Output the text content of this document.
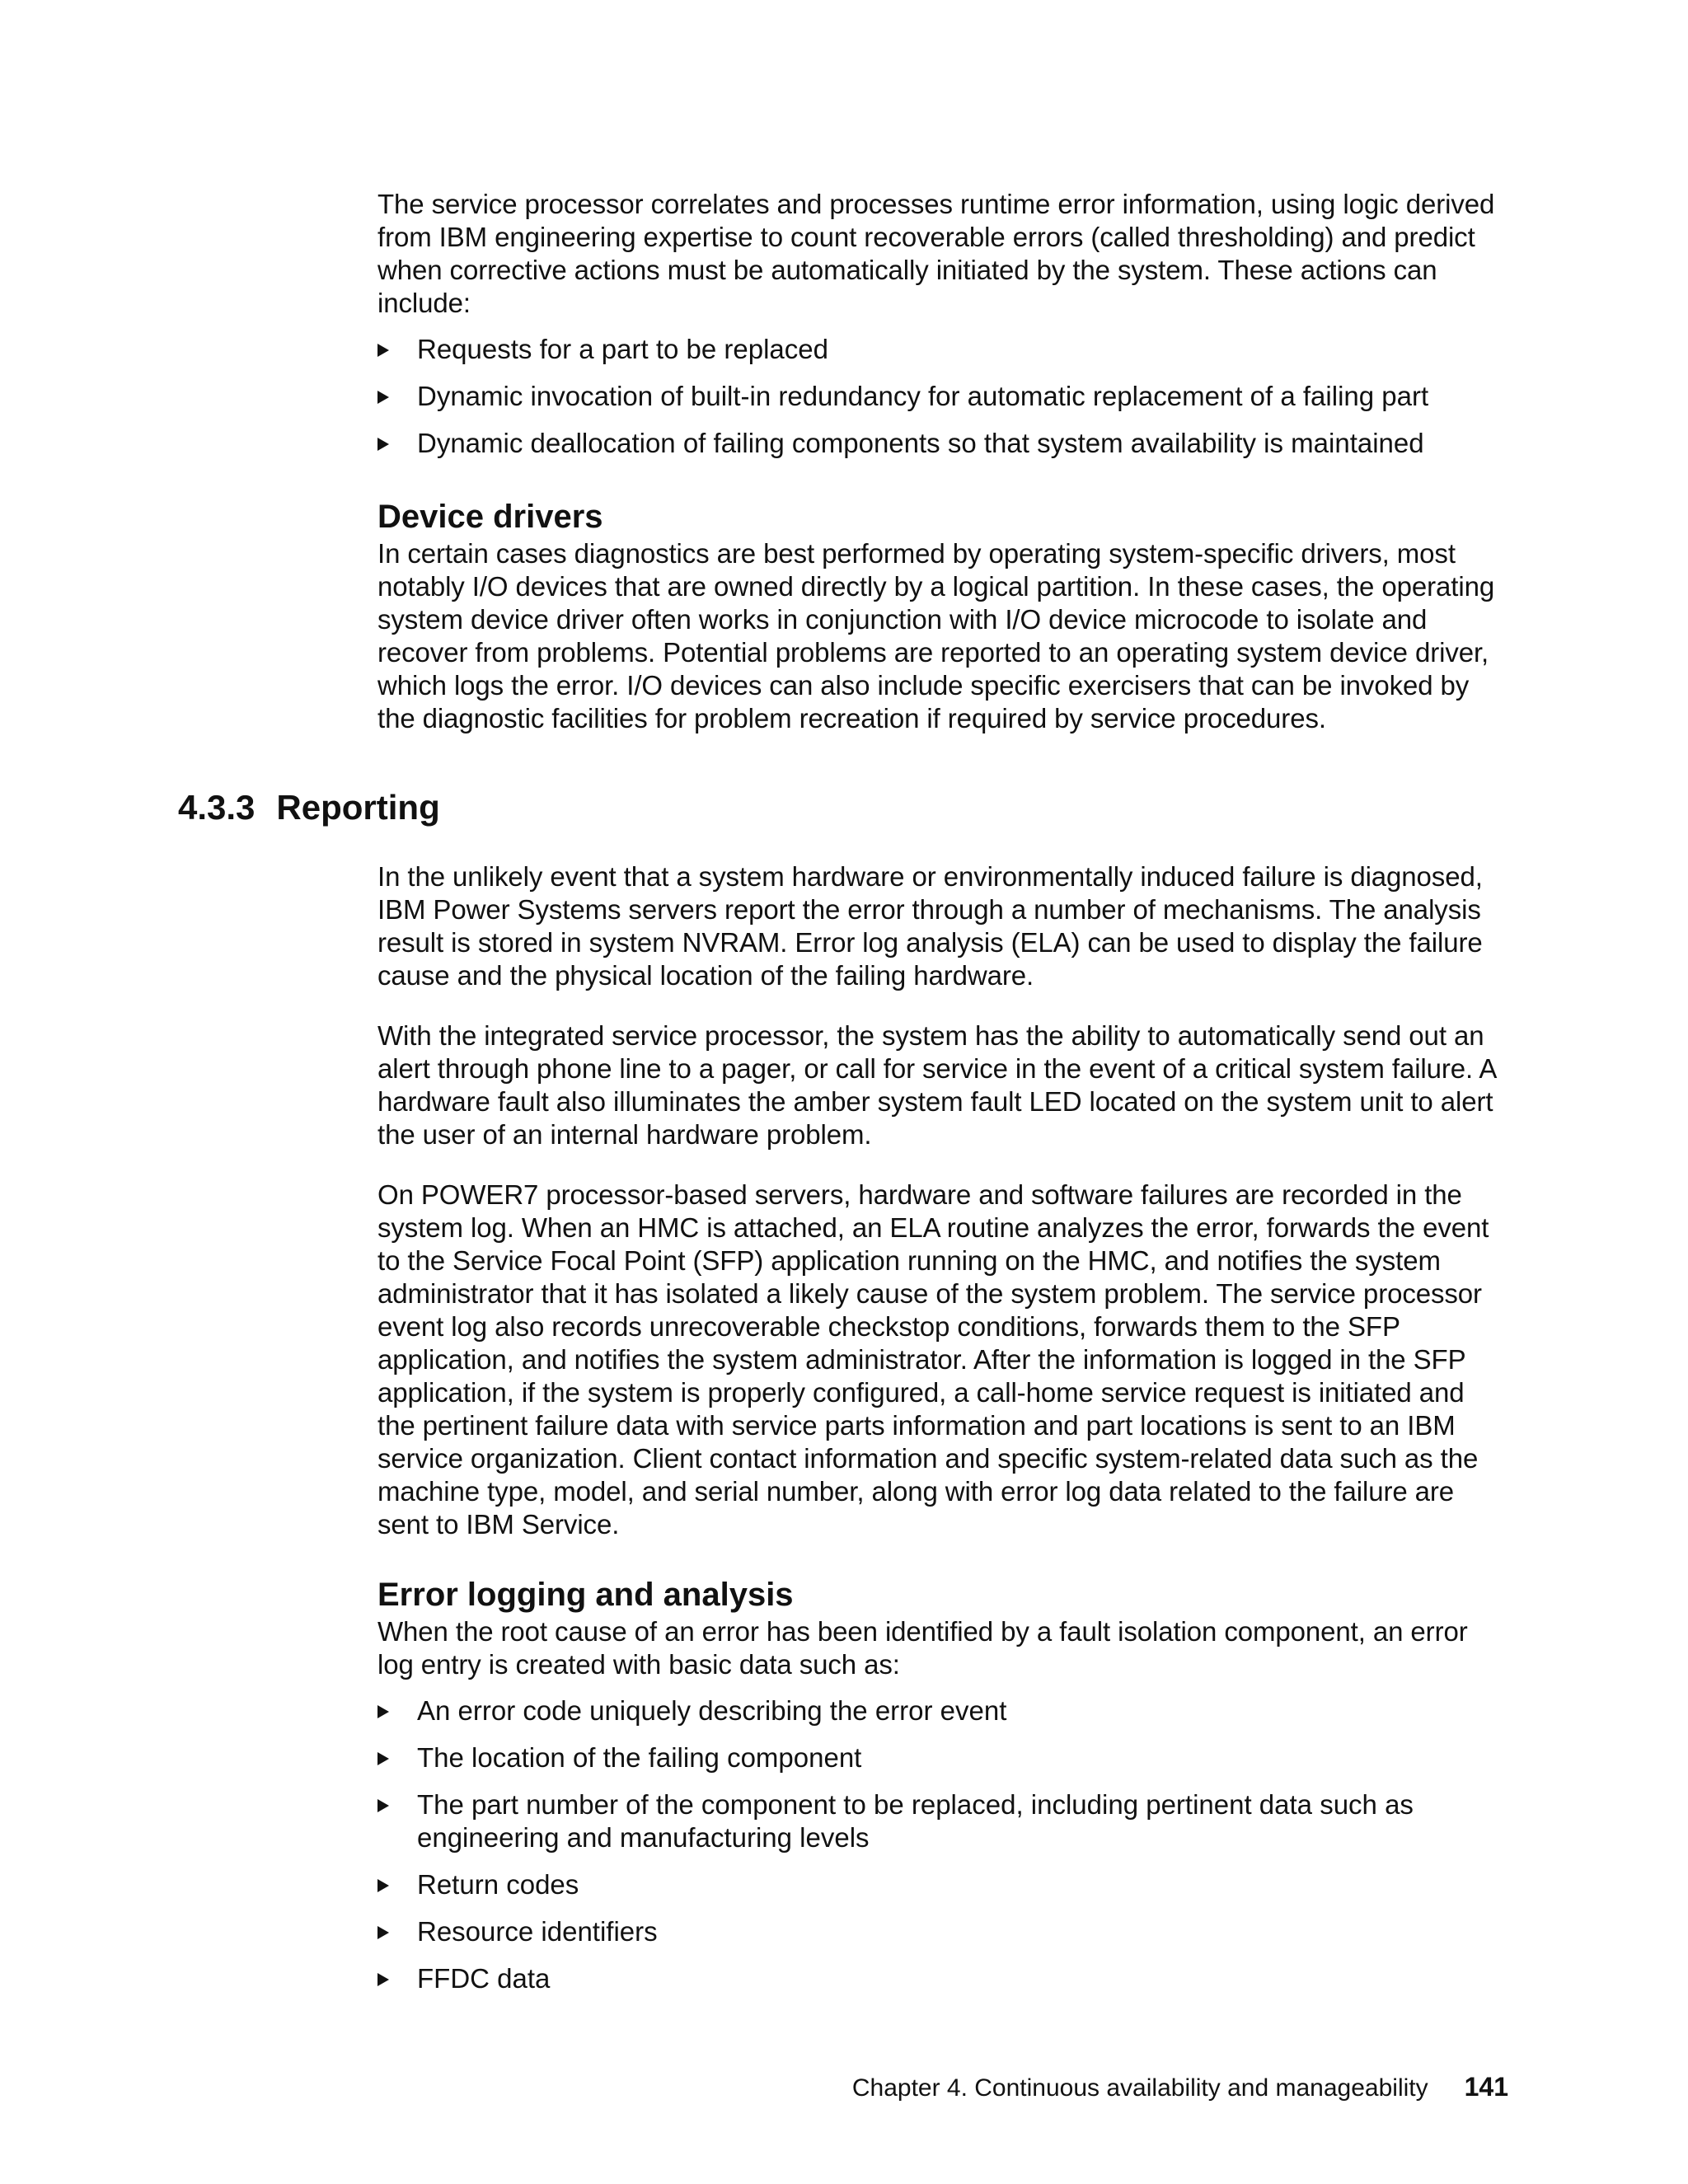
The service processor correlates and processes runtime error information, using logic derived from IBM engineering expertise to count recoverable errors (called thresholding) and predict when corrective actions must be automatically initiated by the system. These actions can include:

Requests for a part to be replaced
Dynamic invocation of built-in redundancy for automatic replacement of a failing part
Dynamic deallocation of failing components so that system availability is maintained
Device drivers

In certain cases diagnostics are best performed by operating system-specific drivers, most notably I/O devices that are owned directly by a logical partition. In these cases, the operating system device driver often works in conjunction with I/O device microcode to isolate and recover from problems. Potential problems are reported to an operating system device driver, which logs the error. I/O devices can also include specific exercisers that can be invoked by the diagnostic facilities for problem recreation if required by service procedures.

4.3.3 Reporting

In the unlikely event that a system hardware or environmentally induced failure is diagnosed, IBM Power Systems servers report the error through a number of mechanisms. The analysis result is stored in system NVRAM. Error log analysis (ELA) can be used to display the failure cause and the physical location of the failing hardware.

With the integrated service processor, the system has the ability to automatically send out an alert through phone line to a pager, or call for service in the event of a critical system failure. A hardware fault also illuminates the amber system fault LED located on the system unit to alert the user of an internal hardware problem.

On POWER7 processor-based servers, hardware and software failures are recorded in the system log. When an HMC is attached, an ELA routine analyzes the error, forwards the event to the Service Focal Point (SFP) application running on the HMC, and notifies the system administrator that it has isolated a likely cause of the system problem. The service processor event log also records unrecoverable checkstop conditions, forwards them to the SFP application, and notifies the system administrator. After the information is logged in the SFP application, if the system is properly configured, a call-home service request is initiated and the pertinent failure data with service parts information and part locations is sent to an IBM service organization. Client contact information and specific system-related data such as the machine type, model, and serial number, along with error log data related to the failure are sent to IBM Service.

Error logging and analysis

When the root cause of an error has been identified by a fault isolation component, an error log entry is created with basic data such as:

An error code uniquely describing the error event
The location of the failing component
The part number of the component to be replaced, including pertinent data such as engineering and manufacturing levels
Return codes
Resource identifiers
FFDC data
Chapter 4. Continuous availability and manageability 141
